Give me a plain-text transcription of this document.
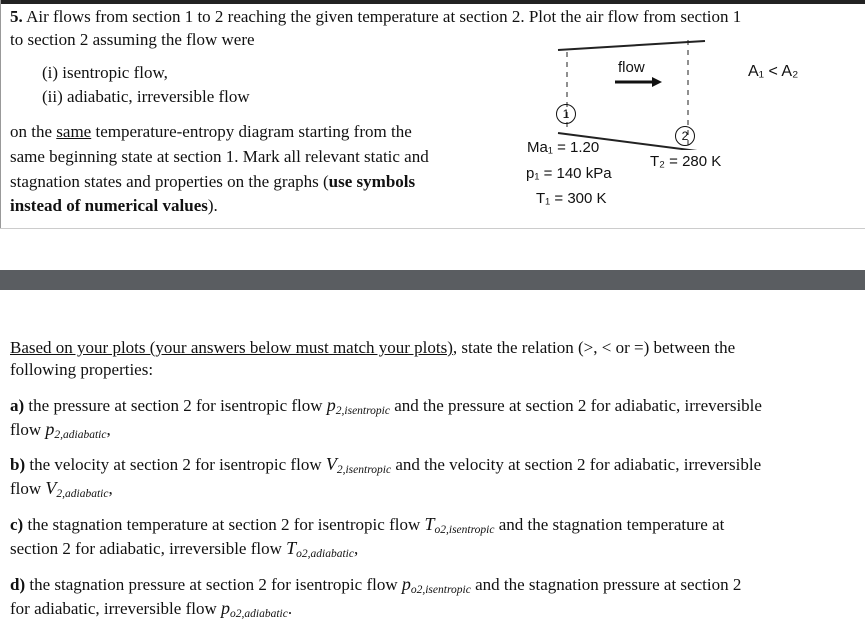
5. Air flows from section 1 to 2 reaching the given temperature at section 2. Plot the air flow from section 1
to section 2 assuming the flow were
(i) isentropic flow,
(ii) adiabatic, irreversible flow
on the same temperature-entropy diagram starting from the
same beginning state at section 1. Mark all relevant static and
stagnation states and properties on the graphs (use symbols
instead of numerical values).
flow	A₁ < A₂
1
2
Ma₁ = 1.20
p₁ = 140 kPa
T₁ = 300 K
T₂ = 280 K
Based on your plots (your answers below must match your plots), state the relation (>, < or =) between the
following properties:
a) the pressure at section 2 for isentropic flow p2,isentropic and the pressure at section 2 for adiabatic, irreversible
flow p2,adiabatic,
b) the velocity at section 2 for isentropic flow V2,isentropic and the velocity at section 2 for adiabatic, irreversible
flow V2,adiabatic,
c) the stagnation temperature at section 2 for isentropic flow To2,isentropic and the stagnation temperature at
section 2 for adiabatic, irreversible flow To2,adiabatic,
d) the stagnation pressure at section 2 for isentropic flow po2,isentropic and the stagnation pressure at section 2
for adiabatic, irreversible flow po2,adiabatic.
